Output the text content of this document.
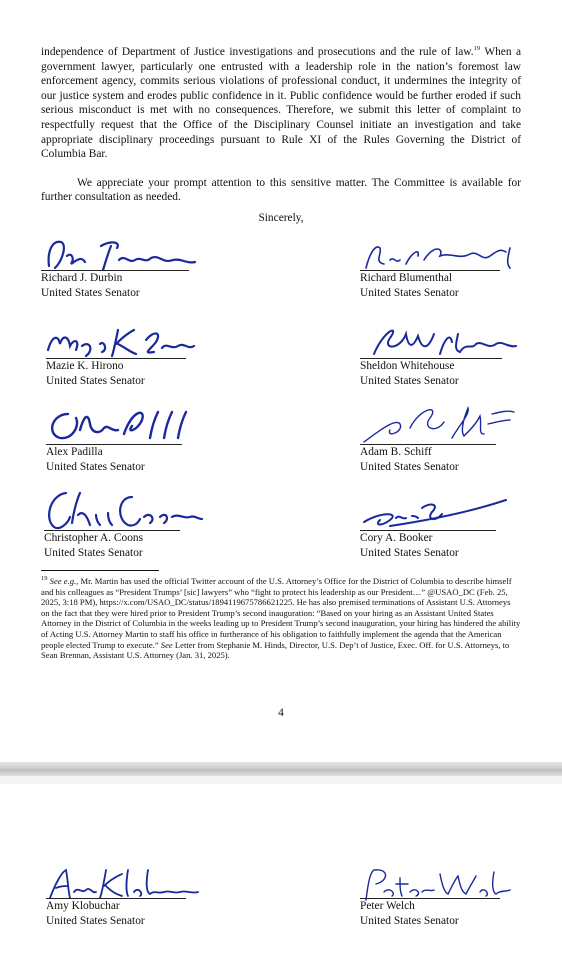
independence of Department of Justice investigations and prosecutions and the rule of law.$^{19}$ When a government lawyer, particularly one entrusted with a leadership role in the nation’s foremost law enforcement agency, commits serious violations of professional conduct, it undermines the integrity of our justice system and erodes public confidence in it. Public confidence would be further eroded if such serious misconduct is met with no consequences. Therefore, we submit this letter of complaint to respectfully request that the Office of the Disciplinary Counsel initiate an investigation and take appropriate disciplinary proceedings pursuant to Rule XI of the Rules Governing the District of Columbia Bar.

We appreciate your prompt attention to this sensitive matter. The Committee is available for further consultation as needed.

Sincerely,
Richard J. Durbin
United States Senator
Richard Blumenthal
United States Senator
Mazie K. Hirono
United States Senator
Sheldon Whitehouse
United States Senator
Alex Padilla
United States Senator
Adam B. Schiff
United States Senator
Christopher A. Coons
United States Senator
Cory A. Booker
United States Senator
$^{19}$ See e.g., Mr. Martin has used the official Twitter account of the U.S. Attorney’s Office for the District of Columbia to describe himself and his colleagues as “President Trumps’ [sic] lawyers” who “fight to protect his leadership as our President…” @USAO_DC (Feb. 25, 2025, 3:18 PM), https://x.com/USAO_DC/status/1894119675786621225. He has also premised terminations of Assistant U.S. Attorneys on the fact that they were hired prior to President Trump’s second inauguration: “Based on your hiring as an Assistant United States Attorney in the District of Columbia in the weeks leading up to President Trump’s second inauguration, your hiring has hindered the ability of Acting U.S. Attorney Martin to staff his office in furtherance of his obligation to faithfully implement the agenda that the American people elected Trump to execute.” See Letter from Stephanie M. Hinds, Director, U.S. Dep’t of Justice, Exec. Off. for U.S. Attorneys, to Sean Brennan, Assistant U.S. Attorney (Jan. 31, 2025).
4
Amy Klobuchar
United States Senator
Peter Welch
United States Senator
